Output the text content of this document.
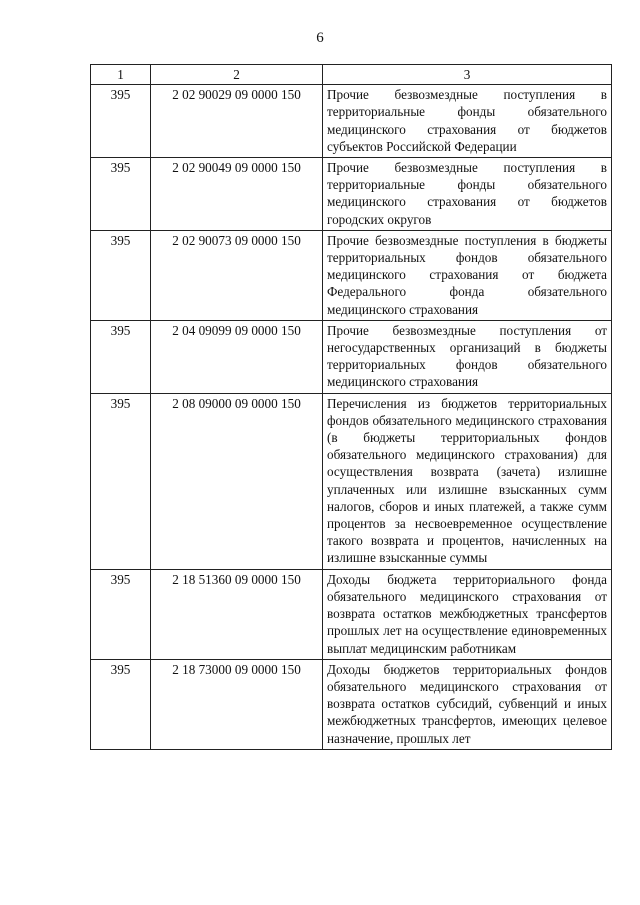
6
1	2	3
395	2 02 90029 09 0000 150	Прочие безвозмездные поступления в территориальные фонды обязательного медицинского страхования от бюджетов субъектов Российской Федерации
395	2 02 90049 09 0000 150	Прочие безвозмездные поступления в территориальные фонды обязательного медицинского страхования от бюджетов городских округов
395	2 02 90073 09 0000 150	Прочие безвозмездные поступления в бюджеты территориальных фондов обязательного медицинского страхования от бюджета Федерального фонда обязательного медицинского страхования
395	2 04 09099 09 0000 150	Прочие безвозмездные поступления от негосударственных организаций в бюджеты территориальных фондов обязательного медицинского страхования
395	2 08 09000 09 0000 150	Перечисления из бюджетов территориальных фондов обязательного медицинского страхования (в бюджеты территориальных фондов обязательного медицинского страхования) для осуществления возврата (зачета) излишне уплаченных или излишне взысканных сумм налогов, сборов и иных платежей, а также сумм процентов за несвоевременное осуществление такого возврата и процентов, начисленных на излишне взысканные суммы
395	2 18 51360 09 0000 150	Доходы бюджета территориального фонда обязательного медицинского страхования от возврата остатков межбюджетных трансфертов прошлых лет на осуществление единовременных выплат медицинским работникам
395	2 18 73000 09 0000 150	Доходы бюджетов территориальных фондов обязательного медицинского страхования от возврата остатков субсидий, субвенций и иных межбюджетных трансфертов, имеющих целевое назначение, прошлых лет
